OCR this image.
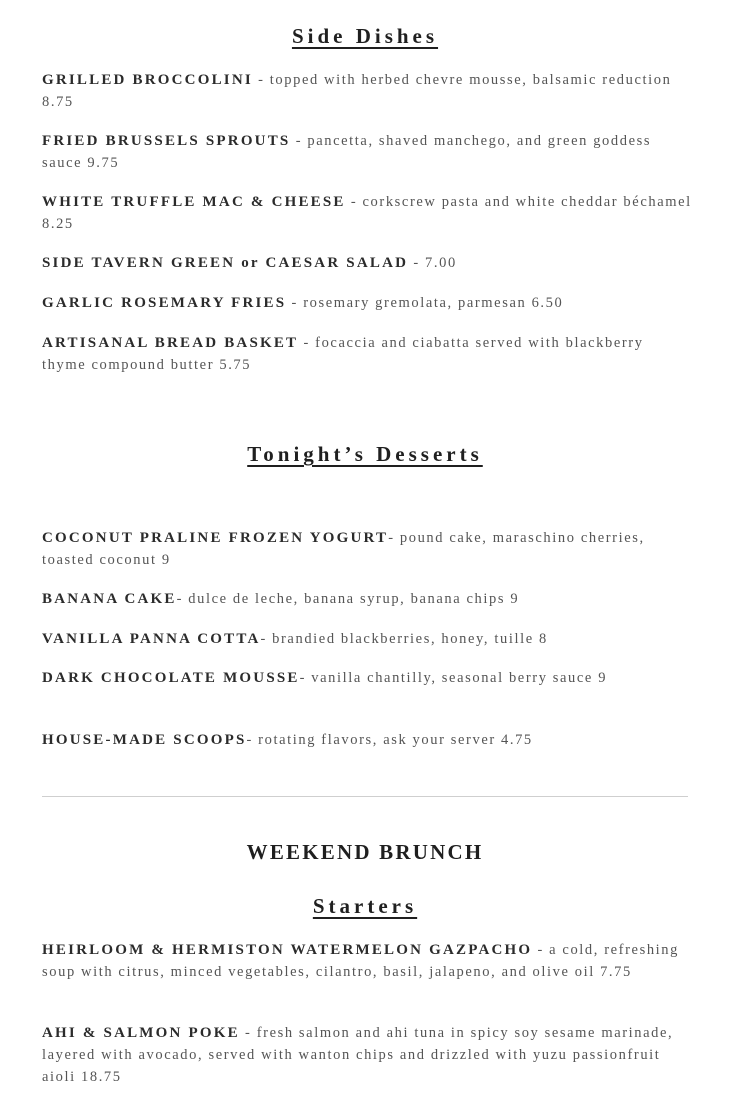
Side Dishes
GRILLED BROCCOLINI - topped with herbed chevre mousse, balsamic reduction 8.75
FRIED BRUSSELS SPROUTS - pancetta, shaved manchego, and green goddess sauce 9.75
WHITE TRUFFLE MAC & CHEESE - corkscrew pasta and white cheddar béchamel 8.25
SIDE TAVERN GREEN or CAESAR SALAD - 7.00
GARLIC ROSEMARY FRIES - rosemary gremolata, parmesan 6.50
ARTISANAL BREAD BASKET - focaccia and ciabatta served with blackberry thyme compound butter 5.75
Tonight’s Desserts
COCONUT PRALINE FROZEN YOGURT- pound cake, maraschino cherries, toasted coconut 9
BANANA CAKE- dulce de leche, banana syrup, banana chips 9
VANILLA PANNA COTTA- brandied blackberries, honey, tuille 8
DARK CHOCOLATE MOUSSE- vanilla chantilly, seasonal berry sauce 9
HOUSE-MADE SCOOPS- rotating flavors, ask your server 4.75
WEEKEND BRUNCH
Starters
HEIRLOOM & HERMISTON WATERMELON GAZPACHO - a cold, refreshing soup with citrus, minced vegetables, cilantro, basil, jalapeno, and olive oil 7.75
AHI & SALMON POKE - fresh salmon and ahi tuna in spicy soy sesame marinade, layered with avocado, served with wanton chips and drizzled with yuzu passionfruit aioli 18.75
